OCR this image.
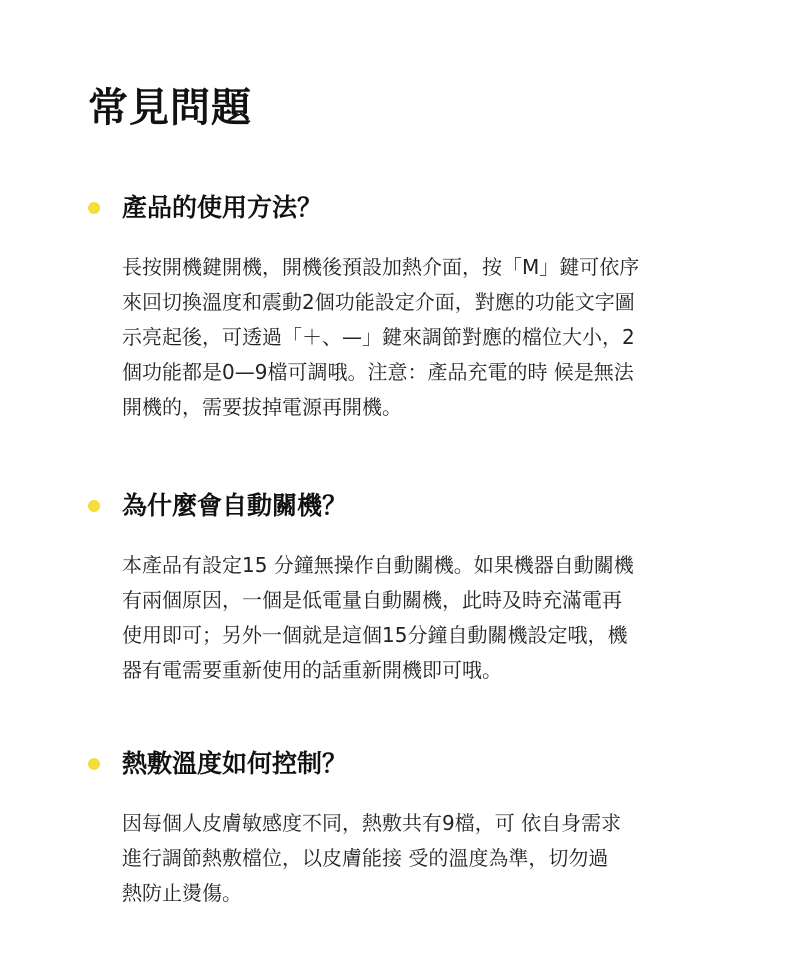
常見問題
產品的使用方法？

長按開機鍵開機，開機後預設加熱介面，按「M」鍵可依序
來回切換溫度和震動2個功能設定介面，對應的功能文字圖
示亮起後，可透過「＋、—」鍵來調節對應的檔位大小，2
個功能都是0—9檔可調哦。注意：產品充電的時 候是無法
開機的，需要拔掉電源再開機。

為什麼會自動關機？

本產品有設定15 分鐘無操作自動關機。如果機器自動關機
有兩個原因，一個是低電量自動關機，此時及時充滿電再
使用即可；另外一個就是這個15分鐘自動關機設定哦，機
器有電需要重新使用的話重新開機即可哦。

熱敷溫度如何控制？

因每個人皮膚敏感度不同，熱敷共有9檔，可 依自身需求
進行調節熱敷檔位，以皮膚能接 受的溫度為準，切勿過
熱防止燙傷。
